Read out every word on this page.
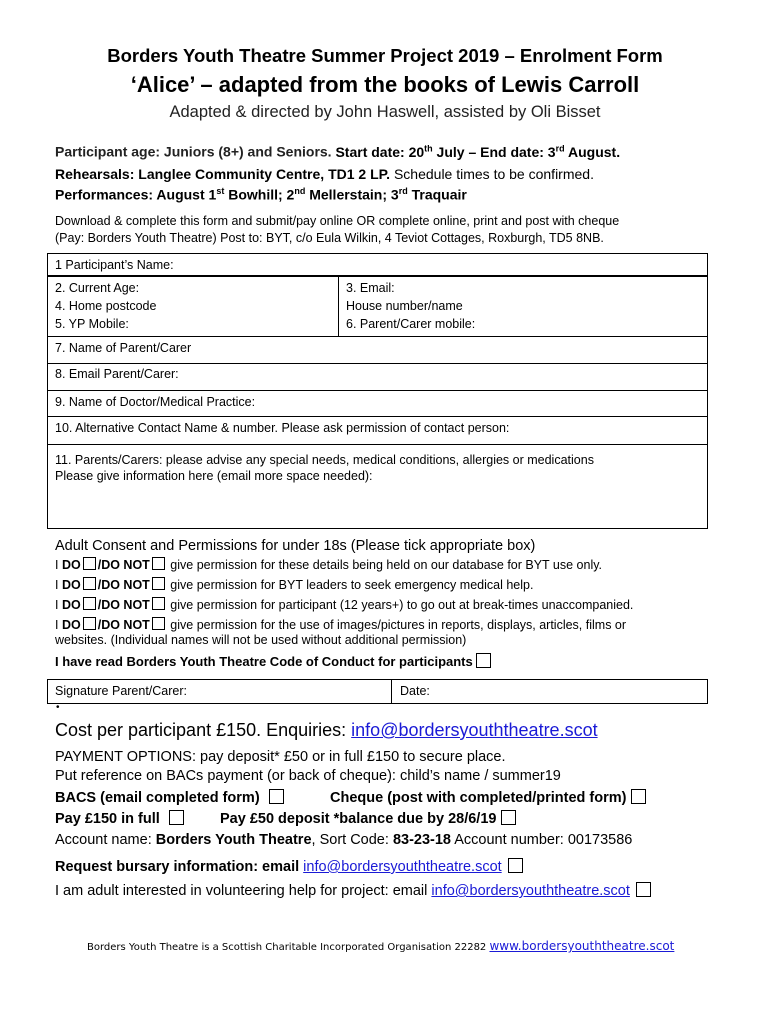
Borders Youth Theatre Summer Project 2019 – Enrolment Form
‘Alice’ – adapted from the books of Lewis Carroll
Adapted & directed by John Haswell, assisted by Oli Bisset
Participant age: Juniors (8+) and Seniors. Start date: 20th July – End date: 3rd August.
Rehearsals: Langlee Community Centre, TD1 2 LP. Schedule times to be confirmed.
Performances: August 1st Bowhill; 2nd Mellerstain; 3rd Traquair
Download & complete this form and submit/pay online OR complete online, print and post with cheque
(Pay: Borders Youth Theatre) Post to: BYT, c/o Eula Wilkin, 4 Teviot Cottages, Roxburgh, TD5 8NB.
1 Participant’s Name:
2. Current Age:	3. Email:
4. Home postcode	House number/name
5. YP Mobile:	6. Parent/Carer mobile:
7. Name of Parent/Carer
8. Email Parent/Carer:
9. Name of Doctor/Medical Practice:
10. Alternative Contact Name & number. Please ask permission of contact person:
11. Parents/Carers: please advise any special needs, medical conditions, allergies or medications
Please give information here (email more space needed):
Adult Consent and Permissions for under 18s (Please tick appropriate box)
I DO /DO NOT give permission for these details being held on our database for BYT use only.
I DO /DO NOT give permission for BYT leaders to seek emergency medical help.
I DO /DO NOT give permission for participant (12 years+) to go out at break-times unaccompanied.
I DO /DO NOT give permission for the use of images/pictures in reports, displays, articles, films or
websites. (Individual names will not be used without additional permission)
I have read Borders Youth Theatre Code of Conduct for participants
Signature Parent/Carer:	Date:
•
Cost per participant £150. Enquiries: info@bordersyouththeatre.scot
PAYMENT OPTIONS: pay deposit* £50 or in full £150 to secure place.
Put reference on BACs payment (or back of cheque): child’s name / summer19
BACS (email completed form)	Cheque (post with completed/printed form)
Pay £150 in full	Pay £50 deposit *balance due by 28/6/19
Account name: Borders Youth Theatre, Sort Code: 83-23-18 Account number: 00173586
Request bursary information: email info@bordersyouththeatre.scot
I am adult interested in volunteering help for project: email info@bordersyouththeatre.scot
Borders Youth Theatre is a Scottish Charitable Incorporated Organisation 22282 www.bordersyouththeatre.scot
